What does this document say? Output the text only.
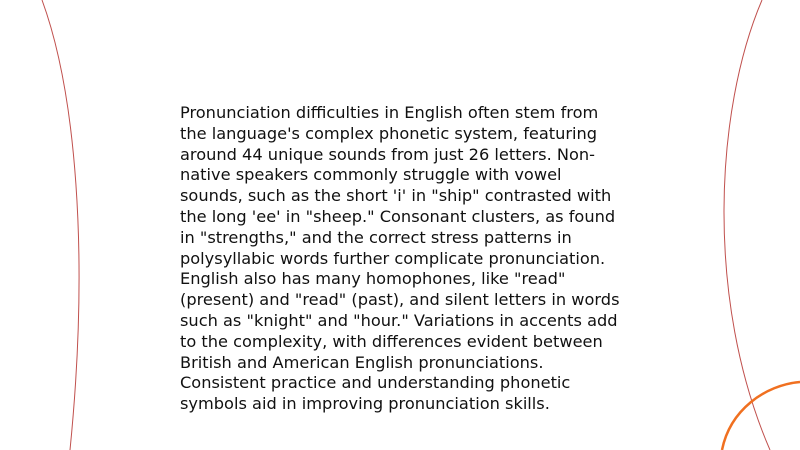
Pronunciation difficulties in English often stem from
the language's complex phonetic system, featuring
around 44 unique sounds from just 26 letters. Non-
native speakers commonly struggle with vowel
sounds, such as the short 'i' in "ship" contrasted with
the long 'ee' in "sheep." Consonant clusters, as found
in "strengths," and the correct stress patterns in
polysyllabic words further complicate pronunciation.
English also has many homophones, like "read"
(present) and "read" (past), and silent letters in words
such as "knight" and "hour." Variations in accents add
to the complexity, with differences evident between
British and American English pronunciations.
Consistent practice and understanding phonetic
symbols aid in improving pronunciation skills.
